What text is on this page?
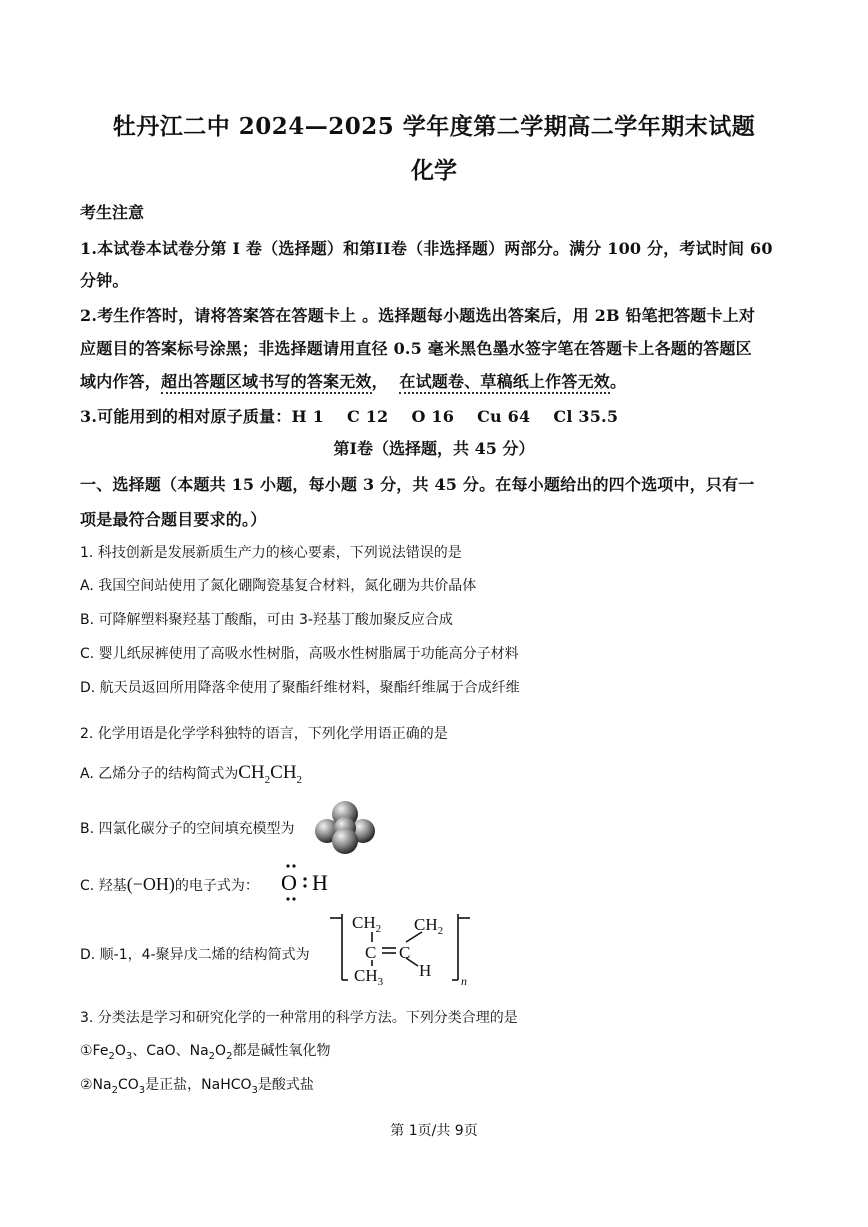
牡丹江二中 2024—2025 学年度第二学期高二学年期末试题
化学
考生注意
1.本试卷本试卷分第 I 卷（选择题）和第II卷（非选择题）两部分。满分 100 分，考试时间 60
分钟。
2.考生作答时，请将答案答在答题卡上 。选择题每小题选出答案后，用 2B 铅笔把答题卡上对
应题目的答案标号涂黑；非选择题请用直径 0.5 毫米黑色墨水签字笔在答题卡上各题的答题区
域内作答，超出答题区域书写的答案无效， 在试题卷、草稿纸上作答无效。
3.可能用到的相对原子质量：H 1    C 12    O 16    Cu 64    Cl 35.5
第I卷（选择题，共 45 分）
一、选择题（本题共 15 小题，每小题 3 分，共 45 分。在每小题给出的四个选项中，只有一
项是最符合题目要求的。）
1. 科技创新是发展新质生产力的核心要素，下列说法错误的是
A. 我国空间站使用了氮化硼陶瓷基复合材料，氮化硼为共价晶体
B. 可降解塑料聚羟基丁酸酯，可由 3-羟基丁酸加聚反应合成
C. 婴儿纸尿裤使用了高吸水性树脂，高吸水性树脂属于功能高分子材料
D. 航天员返回所用降落伞使用了聚酯纤维材料，聚酯纤维属于合成纤维
2. 化学用语是化学学科独特的语言，下列化学用语正确的是
A. 乙烯分子的结构简式为$CH_2CH_2$
B. 四氯化碳分子的空间填充模型为
C. 羟基(−OH)的电子式为： O H
D. 顺-1，4-聚异戊二烯的结构简式为
$CH_2$
C C
$CH_2$
$CH_3$
H
n
3. 分类法是学习和研究化学的一种常用的科学方法。下列分类合理的是
$①Fe_2O_3$、CaO、$Na_2O_2$都是碱性氧化物
$②Na_2CO_3$是正盐，NaHCO$_3$是酸式盐
第 1页/共 9页
